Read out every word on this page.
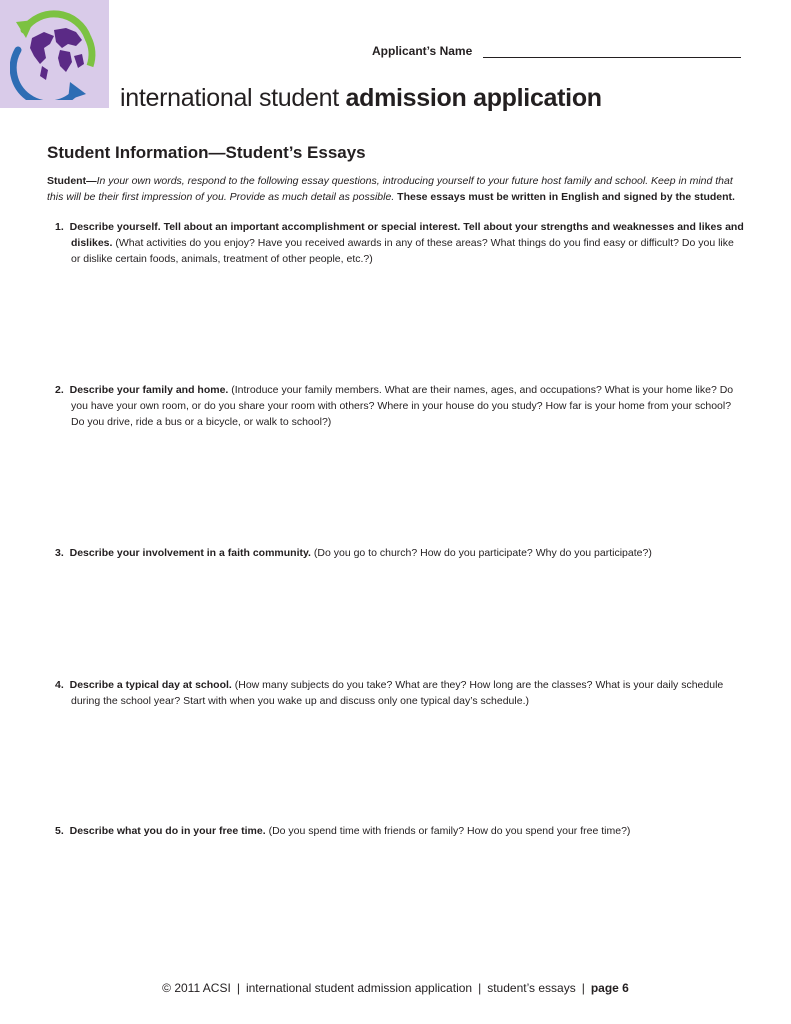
Applicant’s Name
international student admission application
Student Information—Student’s Essays
Student—In your own words, respond to the following essay questions, introducing yourself to your future host family and school. Keep in mind that this will be their first impression of you. Provide as much detail as possible. These essays must be written in English and signed by the student.
1. Describe yourself. Tell about an important accomplishment or special interest. Tell about your strengths and weaknesses and likes and dislikes. (What activities do you enjoy? Have you received awards in any of these areas? What things do you find easy or difficult? Do you like or dislike certain foods, animals, treatment of other people, etc.?)
2. Describe your family and home. (Introduce your family members. What are their names, ages, and occupations? What is your home like? Do you have your own room, or do you share your room with others? Where in your house do you study? How far is your home from your school? Do you drive, ride a bus or a bicycle, or walk to school?)
3. Describe your involvement in a faith community. (Do you go to church? How do you participate? Why do you participate?)
4. Describe a typical day at school. (How many subjects do you take? What are they? How long are the classes? What is your daily schedule during the school year? Start with when you wake up and discuss only one typical day’s schedule.)
5. Describe what you do in your free time. (Do you spend time with friends or family? How do you spend your free time?)
© 2011 ACSI | international student admission application | student’s essays | page 6
